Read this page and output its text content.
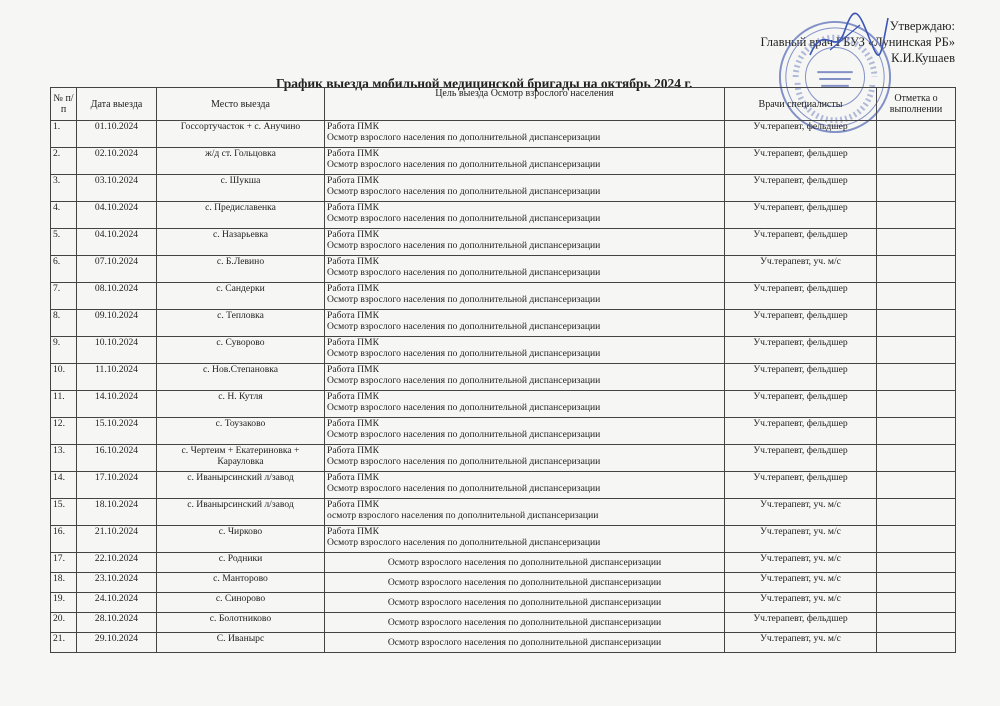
Утверждаю:
Главный врач ГБУЗ «Лунинская РБ»
К.И.Кушаев
График выезда мобильной медицинской бригады на октябрь 2024 г.
№ п/п	Дата выезда	Место выезда	Цель выезда Осмотр взрослого населения	Врачи специалисты	Отметка о выполнении
1.	01.10.2024	Госсортучасток + с. Анучино	Работа ПМК
Осмотр взрослого населения по дополнительной диспансеризации
	Уч.терапевт, фельдшер	
2.	02.10.2024	ж/д ст. Гольцовка	Работа ПМК
Осмотр взрослого населения по дополнительной диспансеризации
	Уч.терапевт, фельдшер	
3.	03.10.2024	с. Шукша	Работа ПМК
Осмотр взрослого населения по дополнительной диспансеризации
	Уч.терапевт, фельдшер	
4.	04.10.2024	с. Предиславенка	Работа ПМК
Осмотр взрослого населения по дополнительной диспансеризации
	Уч.терапевт, фельдшер	
5.	04.10.2024	с. Назарьевка	Работа ПМК
Осмотр взрослого населения по дополнительной диспансеризации
	Уч.терапевт, фельдшер	
6.	07.10.2024	с. Б.Левино	Работа ПМК
Осмотр взрослого населения по дополнительной диспансеризации
	Уч.терапевт, уч. м/с	
7.	08.10.2024	с. Сандерки	Работа ПМК
Осмотр взрослого населения по дополнительной диспансеризации
	Уч.терапевт, фельдшер	
8.	09.10.2024	с. Тепловка	Работа ПМК
Осмотр взрослого населения по дополнительной диспансеризации
	Уч.терапевт, фельдшер	
9.	10.10.2024	с. Суворово	Работа ПМК
Осмотр взрослого населения по дополнительной диспансеризации
	Уч.терапевт, фельдшер	
10.	11.10.2024	с. Нов.Степановка	Работа ПМК
Осмотр взрослого населения по дополнительной диспансеризации
	Уч.терапевт, фельдшер	
11.	14.10.2024	с. Н. Кутля	Работа ПМК
Осмотр взрослого населения по дополнительной диспансеризации
	Уч.терапевт, фельдшер	
12.	15.10.2024	с. Тоузаково	Работа ПМК
Осмотр взрослого населения по дополнительной диспансеризации
	Уч.терапевт, фельдшер	
13.	16.10.2024	с. Чертеим + Екатериновка + Карауловка	
Работа ПМК
Осмотр взрослого населения по дополнительной диспансеризации
	Уч.терапевт, фельдшер	
14.	17.10.2024	с. Иванырсинский л/завод	Работа ПМК
Осмотр взрослого населения по дополнительной диспансеризации
	Уч.терапевт, фельдшер	
15.	18.10.2024	с. Иванырсинский л/завод	Работа ПМК
осмотр взрослого населения по дополнительной диспансеризации
	Уч.терапевт, уч. м/с	
16.	21.10.2024	с. Чирково	Работа ПМК
Осмотр взрослого населения по дополнительной диспансеризации
	Уч.терапевт, уч. м/с	
17.	22.10.2024	с. Родники	Осмотр взрослого населения по дополнительной диспансеризации	Уч.терапевт, уч. м/с	
18.	23.10.2024	с. Манторово	Осмотр взрослого населения по дополнительной диспансеризации	Уч.терапевт, уч. м/с	
19.	24.10.2024	с. Синорово	Осмотр взрослого населения по дополнительной диспансеризации	Уч.терапевт, уч. м/с	
20.	28.10.2024	с. Болотниково	Осмотр взрослого населения по дополнительной диспансеризации	Уч.терапевт, фельдшер	
21.	29.10.2024	С. Иванырс	Осмотр взрослого населения по дополнительной диспансеризации	Уч.терапевт, уч. м/с	
